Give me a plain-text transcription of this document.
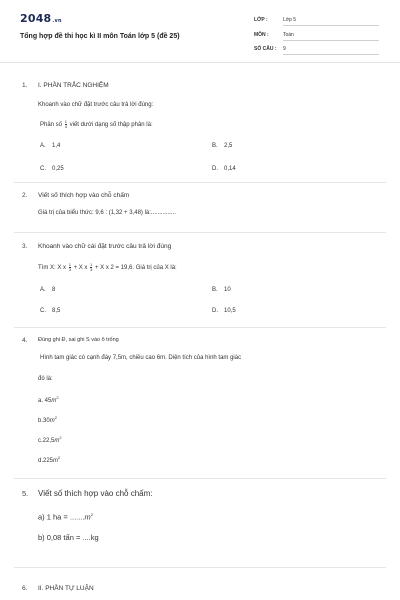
2048.vn
Tổng hợp đề thi học kì II môn Toán lớp 5 (đề 25)
LỚP :	Lớp 5
MÔN :	Toán
SỐ CÂU :	9
1. I. PHẦN TRẮC NGHIỆM
Khoanh vào chữ đặt trước câu trả lời đúng:
Phân số $\frac{1}{4}$ viết dưới dạng số thập phân là:
A. 1,4	B. 2,5
C. 0,25	D. 0,14
2. Viết số thích hợp vào chỗ chấm
Giá trị của biểu thức: 9,6 : (1,32 + 3,48) là:...............
3. Khoanh vào chữ cái đặt trước câu trả lời đúng
Tìm X: X x $\frac{1}{3} + X$ x $\frac{1}{3} + X$ x 2 = 19,6. Giá trị của X là:
A. 8	B. 10
C. 8,5	D. 10,5
4. Đúng ghi Đ, sai ghi S vào ô trống
Hình tam giác có cạnh đáy 7,5m, chiều cao 6m. Diện tích của hình tam giác
đó là:
a. $45m^2$
$b.30m^2$
$c.22,5m^2$
$d.225m^2$
5. Viết số thích hợp vào chỗ chấm:
a) 1 ha = $.......m^2$
b) 0,08 tấn = ....kg
6. II. PHẦN TỰ LUẬN
